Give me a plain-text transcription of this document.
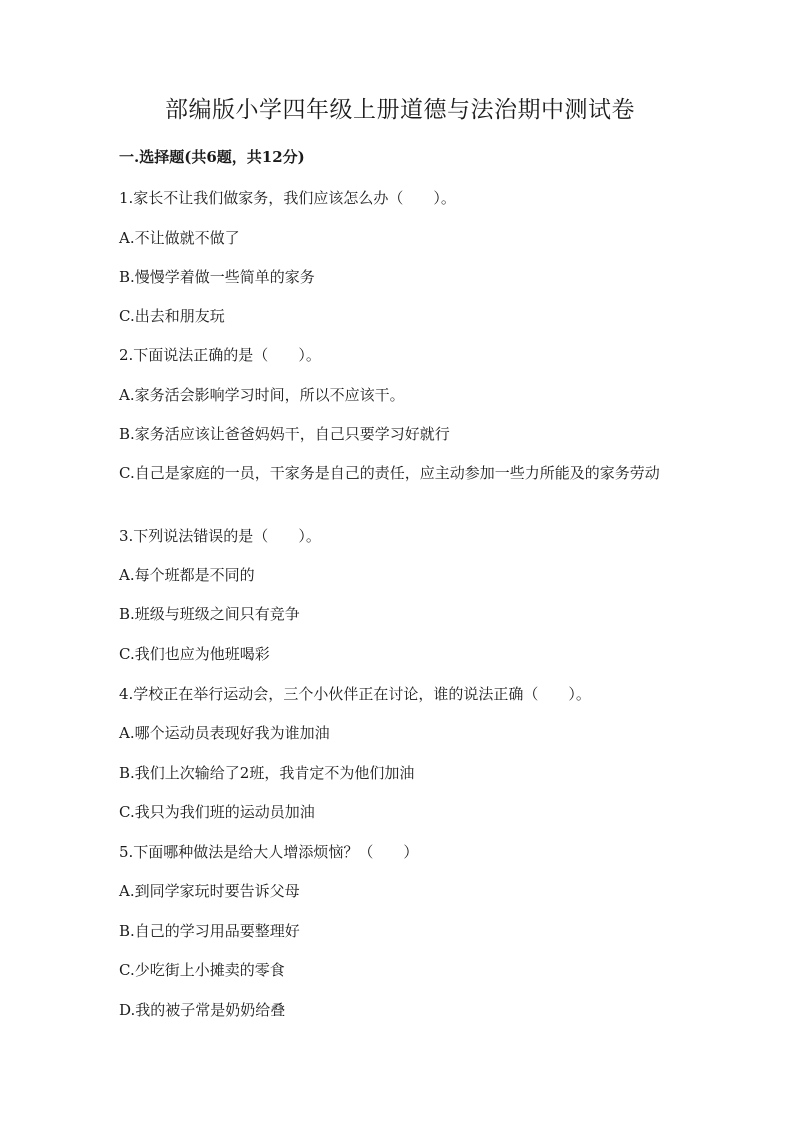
部编版小学四年级上册道德与法治期中测试卷

一.选择题(共6题，共12分)

1.家长不让我们做家务，我们应该怎么办（　　）。

A.不让做就不做了

B.慢慢学着做一些简单的家务

C.出去和朋友玩

2.下面说法正确的是（　　）。

A.家务活会影响学习时间，所以不应该干。

B.家务活应该让爸爸妈妈干，自己只要学习好就行

C.自己是家庭的一员，干家务是自己的责任，应主动参加一些力所能及的家务劳动

3.下列说法错误的是（　　）。

A.每个班都是不同的

B.班级与班级之间只有竞争

C.我们也应为他班喝彩

4.学校正在举行运动会，三个小伙伴正在讨论，谁的说法正确（　　）。

A.哪个运动员表现好我为谁加油

B.我们上次输给了2班，我肯定不为他们加油

C.我只为我们班的运动员加油

5.下面哪种做法是给大人增添烦恼？（　　）

A.到同学家玩时要告诉父母

B.自己的学习用品要整理好

C.少吃街上小摊卖的零食

D.我的被子常是奶奶给叠
